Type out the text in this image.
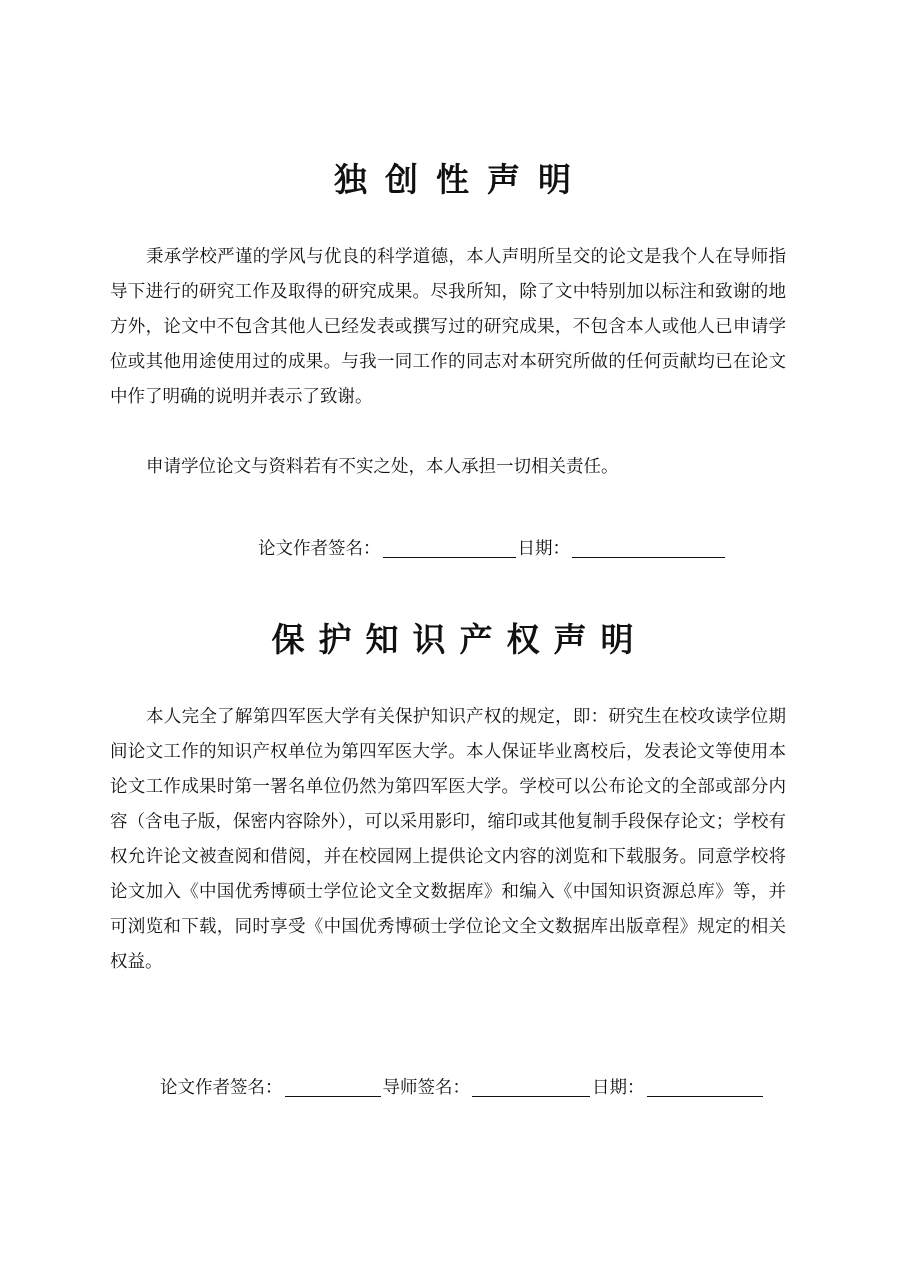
独创性声明

秉承学校严谨的学风与优良的科学道德，本人声明所呈交的论文是我个人在导师指导下进行的研究工作及取得的研究成果。尽我所知，除了文中特别加以标注和致谢的地方外，论文中不包含其他人已经发表或撰写过的研究成果，不包含本人或他人已申请学位或其他用途使用过的成果。与我一同工作的同志对本研究所做的任何贡献均已在论文中作了明确的说明并表示了致谢。

申请学位论文与资料若有不实之处，本人承担一切相关责任。

论文作者签名：	日期：
保护知识产权声明

本人完全了解第四军医大学有关保护知识产权的规定，即：研究生在校攻读学位期间论文工作的知识产权单位为第四军医大学。本人保证毕业离校后，发表论文等使用本论文工作成果时第一署名单位仍然为第四军医大学。学校可以公布论文的全部或部分内容（含电子版，保密内容除外），可以采用影印，缩印或其他复制手段保存论文；学校有权允许论文被查阅和借阅，并在校园网上提供论文内容的浏览和下载服务。同意学校将论文加入《中国优秀博硕士学位论文全文数据库》和编入《中国知识资源总库》等，并可浏览和下载，同时享受《中国优秀博硕士学位论文全文数据库出版章程》规定的相关权益。

论文作者签名：	导师签名：	日期：
